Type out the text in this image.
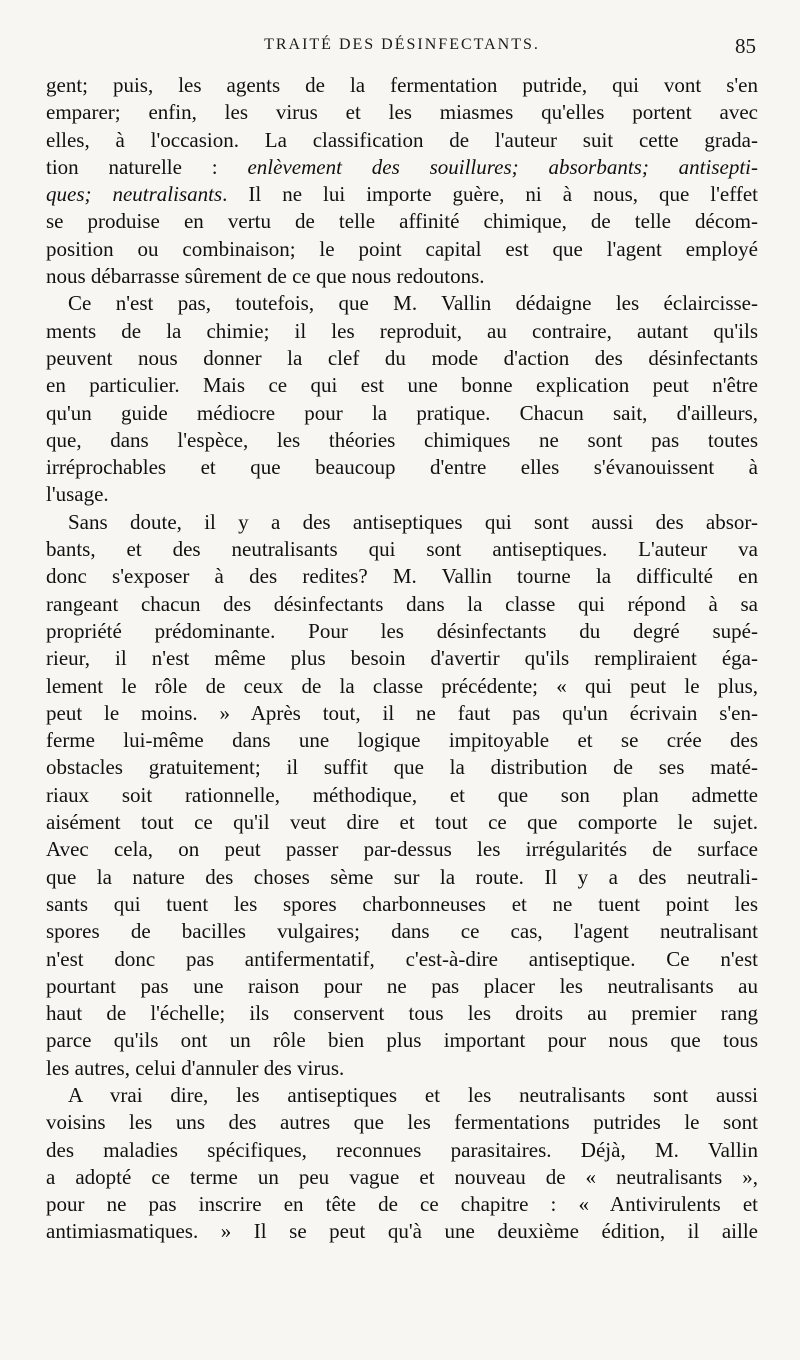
TRAITÉ DES DÉSINFECTANTS.	85
gent; puis, les agents de la fermentation putride, qui vont s'en
emparer; enfin, les virus et les miasmes qu'elles portent avec
elles, à l'occasion. La classification de l'auteur suit cette grada-
tion naturelle : enlèvement des souillures; absorbants; antisepti-
ques; neutralisants. Il ne lui importe guère, ni à nous, que l'effet
se produise en vertu de telle affinité chimique, de telle décom-
position ou combinaison; le point capital est que l'agent employé
nous débarrasse sûrement de ce que nous redoutons.
Ce n'est pas, toutefois, que M. Vallin dédaigne les éclaircisse-
ments de la chimie; il les reproduit, au contraire, autant qu'ils
peuvent nous donner la clef du mode d'action des désinfectants
en particulier. Mais ce qui est une bonne explication peut n'être
qu'un guide médiocre pour la pratique. Chacun sait, d'ailleurs,
que, dans l'espèce, les théories chimiques ne sont pas toutes
irréprochables et que beaucoup d'entre elles s'évanouissent à
l'usage.
Sans doute, il y a des antiseptiques qui sont aussi des absor-
bants, et des neutralisants qui sont antiseptiques. L'auteur va
donc s'exposer à des redites? M. Vallin tourne la difficulté en
rangeant chacun des désinfectants dans la classe qui répond à sa
propriété prédominante. Pour les désinfectants du degré supé-
rieur, il n'est même plus besoin d'avertir qu'ils rempliraient éga-
lement le rôle de ceux de la classe précédente; « qui peut le plus,
peut le moins. » Après tout, il ne faut pas qu'un écrivain s'en-
ferme lui-même dans une logique impitoyable et se crée des
obstacles gratuitement; il suffit que la distribution de ses maté-
riaux soit rationnelle, méthodique, et que son plan admette
aisément tout ce qu'il veut dire et tout ce que comporte le sujet.
Avec cela, on peut passer par-dessus les irrégularités de surface
que la nature des choses sème sur la route. Il y a des neutrali-
sants qui tuent les spores charbonneuses et ne tuent point les
spores de bacilles vulgaires; dans ce cas, l'agent neutralisant
n'est donc pas antifermentatif, c'est-à-dire antiseptique. Ce n'est
pourtant pas une raison pour ne pas placer les neutralisants au
haut de l'échelle; ils conservent tous les droits au premier rang
parce qu'ils ont un rôle bien plus important pour nous que tous
les autres, celui d'annuler des virus.
A vrai dire, les antiseptiques et les neutralisants sont aussi
voisins les uns des autres que les fermentations putrides le sont
des maladies spécifiques, reconnues parasitaires. Déjà, M. Vallin
a adopté ce terme un peu vague et nouveau de « neutralisants »,
pour ne pas inscrire en tête de ce chapitre : « Antivirulents et
antimiasmatiques. » Il se peut qu'à une deuxième édition, il aille
